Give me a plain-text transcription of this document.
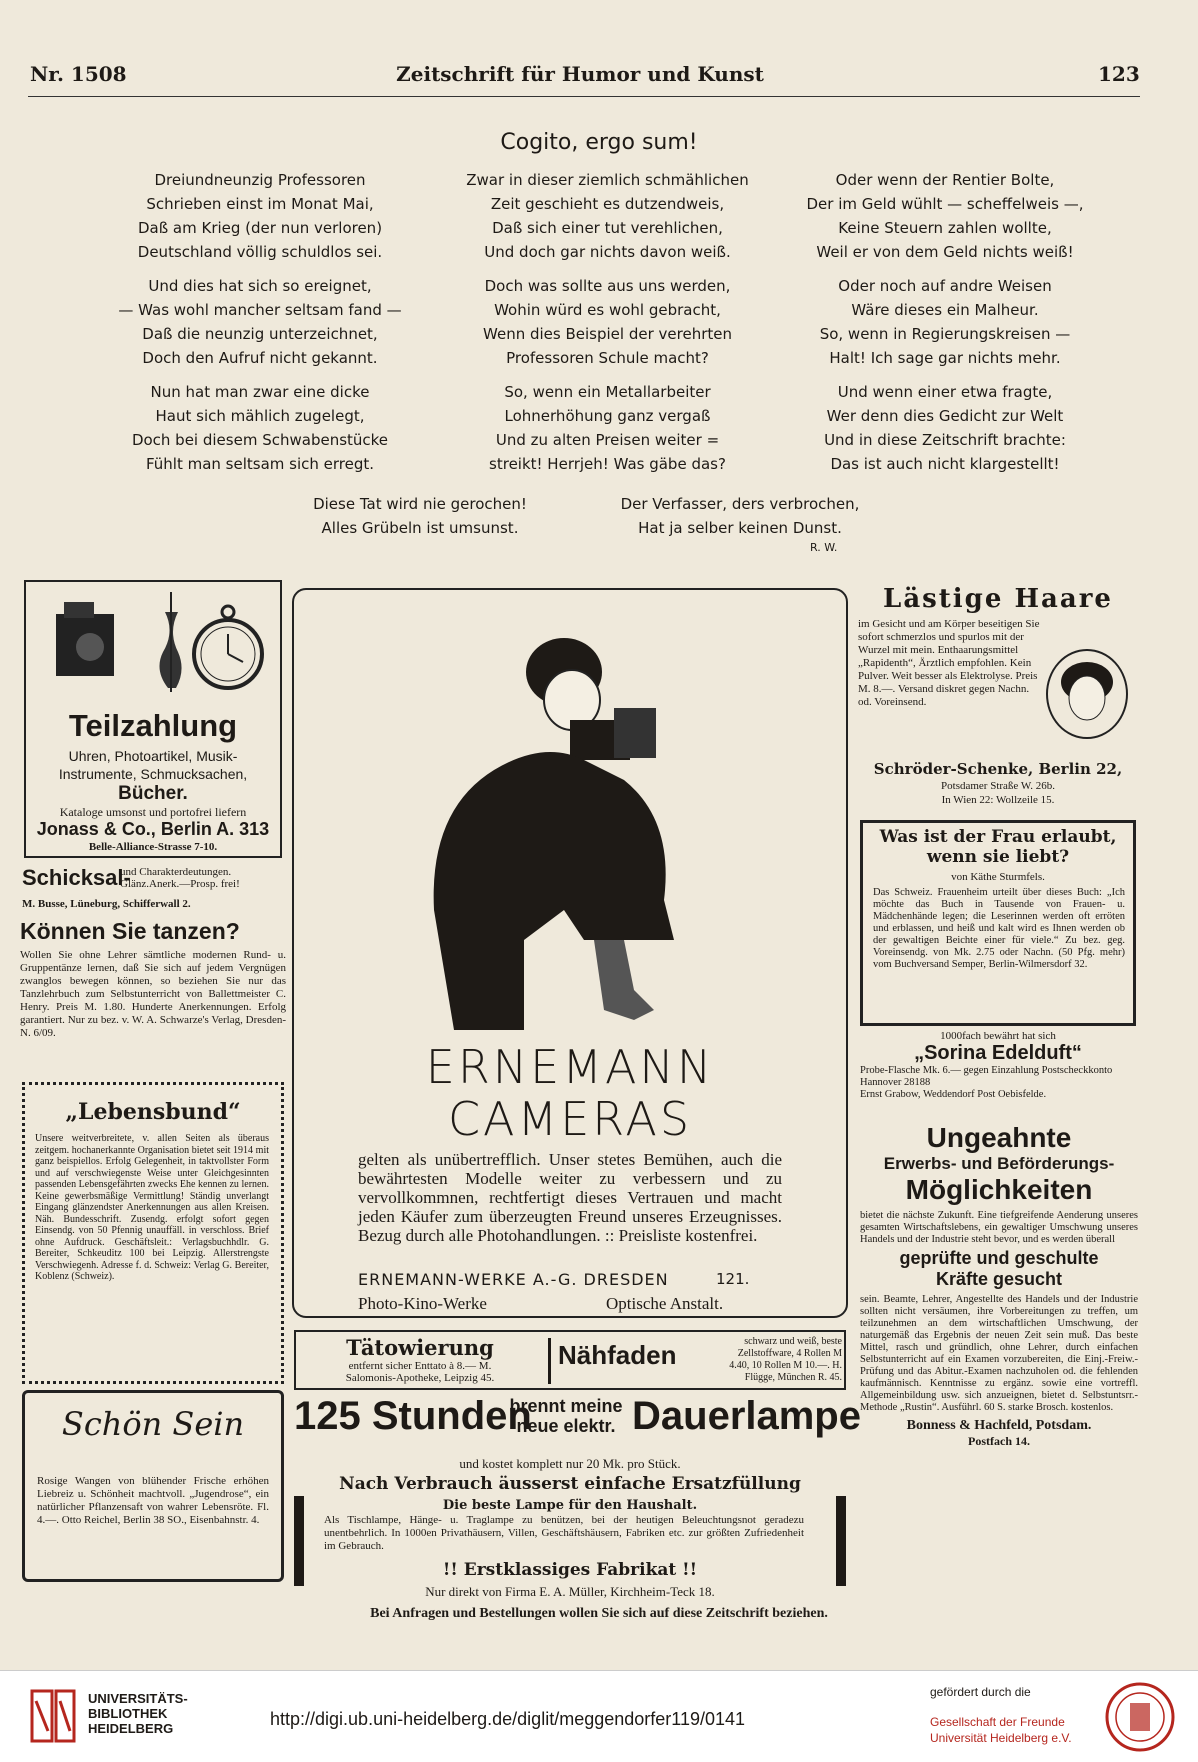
Nr. 1508	Zeitschrift für Humor und Kunst	123
Cogito, ergo sum!
Dreiundneunzig Professoren
Schrieben einst im Monat Mai,
Daß am Krieg (der nun verloren)
Deutschland völlig schuldlos sei.
Und dies hat sich so ereignet,
— Was wohl mancher seltsam fand —
Daß die neunzig unterzeichnet,
Doch den Aufruf nicht gekannt.
Nun hat man zwar eine dicke
Haut sich mählich zugelegt,
Doch bei diesem Schwabenstücke
Fühlt man seltsam sich erregt.
Zwar in dieser ziemlich schmählichen
Zeit geschieht es dutzendweis,
Daß sich einer tut verehlichen,
Und doch gar nichts davon weiß.
Doch was sollte aus uns werden,
Wohin würd es wohl gebracht,
Wenn dies Beispiel der verehrten
Professoren Schule macht?
So, wenn ein Metallarbeiter
Lohnerhöhung ganz vergaß
Und zu alten Preisen weiter =
streikt! Herrjeh! Was gäbe das?
Oder wenn der Rentier Bolte,
Der im Geld wühlt — scheffelweis —,
Keine Steuern zahlen wollte,
Weil er von dem Geld nichts weiß!
Oder noch auf andre Weisen
Wäre dieses ein Malheur.
So, wenn in Regierungskreisen —
Halt! Ich sage gar nichts mehr.
Und wenn einer etwa fragte,
Wer denn dies Gedicht zur Welt
Und in diese Zeitschrift brachte:
Das ist auch nicht klargestellt!
Diese Tat wird nie gerochen!
Alles Grübeln ist umsunst.
Der Verfasser, ders verbrochen,
Hat ja selber keinen Dunst.
R. W.
Teilzahlung
Uhren, Photoartikel, Musik-
Instrumente, Schmucksachen,
Bücher.
Kataloge umsonst und portofrei liefern
Jonass & Co., Berlin A. 313
Belle-Alliance-Strasse 7-10.
Schicksal-
und Charakterdeutungen. Glänz.Anerk.—Prosp. frei!
M. Busse, Lüneburg, Schifferwall 2.
Können Sie tanzen?
Wollen Sie ohne Lehrer sämtliche modernen Rund- u. Gruppentänze lernen, daß Sie sich auf jedem Vergnügen zwanglos bewegen können, so beziehen Sie nur das Tanzlehrbuch zum Selbstunterricht von Ballettmeister C. Henry. Preis M. 1.80. Hunderte Anerkennungen. Erfolg garantiert. Nur zu bez. v. W. A. Schwarze's Verlag, Dresden-N. 6/09.
„Lebensbund“
Unsere weitverbreitete, v. allen Seiten als überaus zeitgem. hochanerkannte Organisation bietet seit 1914 mit ganz beispiellos. Erfolg Gelegenheit, in taktvollster Form und auf verschwiegenste Weise unter Gleichgesinnten passenden Lebensgefährten zwecks Ehe kennen zu lernen. Keine gewerbsmäßige Vermittlung! Ständig unverlangt Eingang glänzendster Anerkennungen aus allen Kreisen. Näh. Bundesschrift. Zusendg. erfolgt sofort gegen Einsendg. von 50 Pfennig unauffäll. in verschloss. Brief ohne Aufdruck. Geschäftsleit.: Verlagsbuchhdlr. G. Bereiter, Schkeuditz 100 bei Leipzig. Allerstrengste Verschwiegenh. Adresse f. d. Schweiz: Verlag G. Bereiter, Koblenz (Schweiz).
Schön Sein
Rosige Wangen von blühender Frische erhöhen Liebreiz u. Schönheit machtvoll. „Jugendrose“, ein natürlicher Pflanzensaft von wahrer Lebensröte. Fl. 4.—. Otto Reichel, Berlin 38 SO., Eisenbahnstr. 4.
ERNEMANN
CAMERAS
gelten als unübertrefflich. Unser stetes Bemühen, auch die bewährtesten Modelle weiter zu verbessern und zu vervollkommnen, rechtfertigt dieses Vertrauen und macht jeden Käufer zum überzeugten Freund unseres Erzeugnisses. Bezug durch alle Photohandlungen. :: Preisliste kostenfrei.
ERNEMANN-WERKE A.-G. DRESDEN	121.
Photo-Kino-Werke	Optische Anstalt.
Tätowierung
entfernt sicher Enttato à 8.— M.
Salomonis-Apotheke, Leipzig 45.
Nähfaden	schwarz und weiß, beste Zellstoffware, 4 Rollen M 4.40, 10 Rollen M 10.—. H. Flügge, München R. 45.
125 Stunden
brennt meine
neue elektr. Dauerlampe
und kostet komplett nur 20 Mk. pro Stück.
Nach Verbrauch äusserst einfache Ersatzfüllung
Die beste Lampe für den Haushalt.
Als Tischlampe, Hänge- u. Traglampe zu benützen, bei der heutigen Beleuchtungsnot geradezu unentbehrlich. In 1000en Privathäusern, Villen, Geschäftshäusern, Fabriken etc. zur größten Zufriedenheit im Gebrauch.
!! Erstklassiges Fabrikat !!
Nur direkt von Firma E. A. Müller, Kirchheim-Teck 18.
Lästige Haare
im Gesicht und am Körper beseitigen Sie sofort schmerzlos und spurlos mit der Wurzel mit mein. Enthaarungsmittel „Rapidenth“, Ärztlich empfohlen. Kein Pulver. Weit besser als Elektrolyse. Preis M. 8.—. Versand diskret gegen Nachn. od. Voreinsend.
Schröder-Schenke, Berlin 22,
Potsdamer Straße W. 26b.
In Wien 22: Wollzeile 15.
Was ist der Frau erlaubt, wenn sie liebt?
von Käthe Sturmfels.
Das Schweiz. Frauenheim urteilt über dieses Buch: „Ich möchte das Buch in Tausende von Frauen- u. Mädchenhände legen; die Leserinnen werden oft erröten und erblassen, und heiß und kalt wird es Ihnen werden ob der gewaltigen Beichte einer für viele.“ Zu bez. geg. Voreinsendg. von Mk. 2.75 oder Nachn. (50 Pfg. mehr) vom Buchversand Semper, Berlin-Wilmersdorf 32.
1000fach bewährt hat sich
„Sorina Edelduft“
Probe-Flasche Mk. 6.— gegen Einzahlung Postscheckkonto Hannover 28188
Ernst Grabow, Weddendorf Post Oebisfelde.
Ungeahnte
Erwerbs- und Beförderungs-
Möglichkeiten
bietet die nächste Zukunft. Eine tiefgreifende Aenderung unseres gesamten Wirtschaftslebens, ein gewaltiger Umschwung unseres Handels und der Industrie steht bevor, und es werden überall
geprüfte und geschulte
Kräfte gesucht
sein. Beamte, Lehrer, Angestellte des Handels und der Industrie sollten nicht versäumen, ihre Vorbereitungen zu treffen, um teilzunehmen an dem wirtschaftlichen Umschwung, der naturgemäß das Ergebnis der neuen Zeit sein muß. Das beste Mittel, rasch und gründlich, ohne Lehrer, durch einfachen Selbstunterricht auf ein Examen vorzubereiten, die Einj.-Freiw.-Prüfung und das Abitur.-Examen nachzuholen od. die fehlenden kaufmännisch. Kenntnisse zu ergänz. sowie eine vortreffl. Allgemeinbildung usw. sich anzueignen, bietet d. Selbstuntsrr.-Methode „Rustin“. Ausführl. 60 S. starke Brosch. kostenlos.
Bonness & Hachfeld, Potsdam.
Postfach 14.
Bei Anfragen und Bestellungen wollen Sie sich auf diese Zeitschrift beziehen.
UNIVERSITÄTS-
BIBLIOTHEK
HEIDELBERG	http://digi.ub.uni-heidelberg.de/diglit/meggendorfer119/0141
gefördert durch die
Gesellschaft der Freunde
Universität Heidelberg e.V.
